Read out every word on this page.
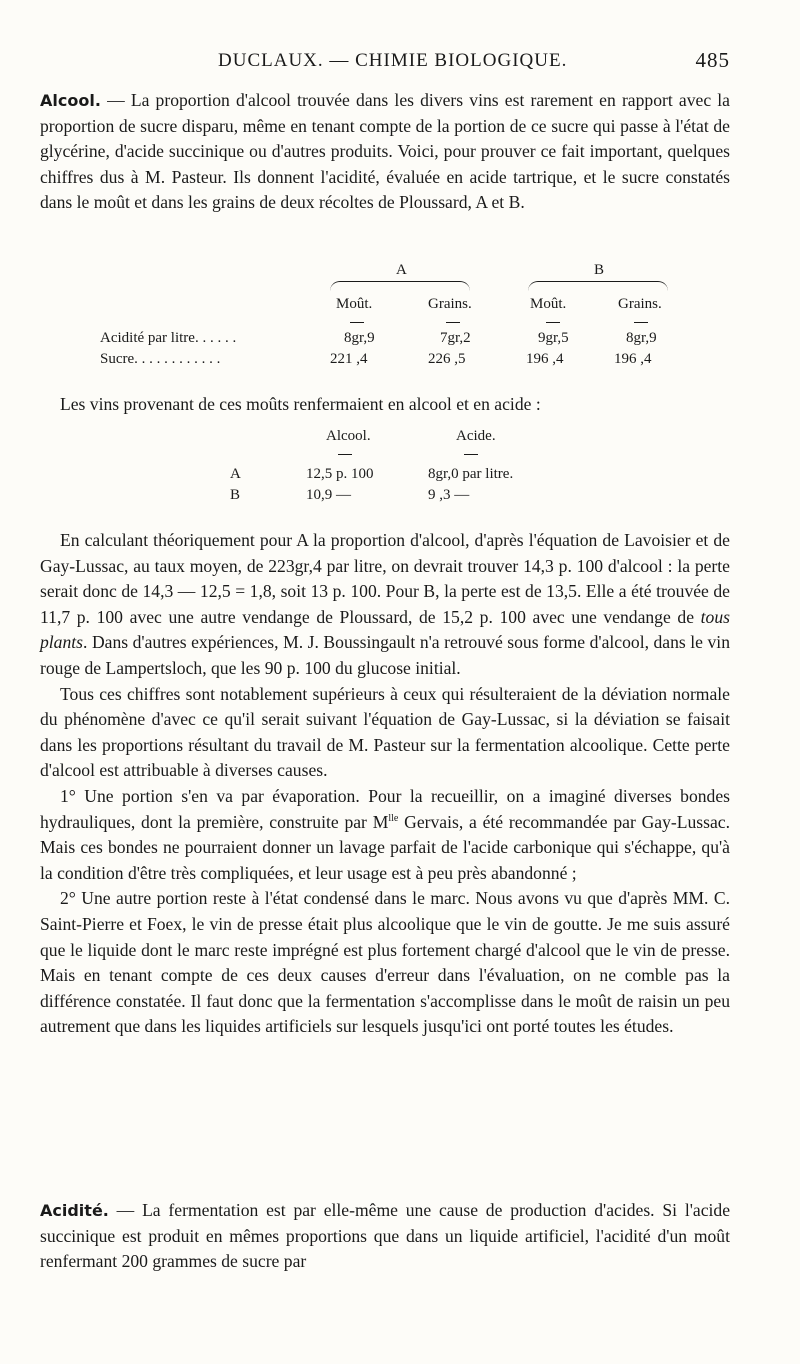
DUCLAUX. — CHIMIE BIOLOGIQUE.	485

Alcool. — La proportion d'alcool trouvée dans les divers vins est rarement en rapport avec la proportion de sucre disparu, même en tenant compte de la portion de ce sucre qui passe à l'état de glycérine, d'acide succinique ou d'autres produits. Voici, pour prouver ce fait important, quelques chiffres dus à M. Pasteur. Ils donnent l'acidité, évaluée en acide tartrique, et le sucre constatés dans le moût et dans les grains de deux récoltes de Ploussard, A et B.

A	B
Moût.	Grains.	Moût.	Grains.
Acidité par litre. . . . . .	8gr,9	7gr,2	9gr,5	8gr,9
Sucre. . . . . . . . . . . .	221 ,4	226 ,5	196 ,4	196 ,4

Les vins provenant de ces moûts renfermaient en alcool et en acide :

Alcool.	Acide.
A	12,5 p. 100	8gr,0 par litre.
B	10,9 —	9 ,3 —

En calculant théoriquement pour A la proportion d'alcool, d'après l'équation de Lavoisier et de Gay-Lussac, au taux moyen, de 223gr,4 par litre, on devrait trouver 14,3 p. 100 d'alcool : la perte serait donc de 14,3 — 12,5 = 1,8, soit 13 p. 100. Pour B, la perte est de 13,5. Elle a été trouvée de 11,7 p. 100 avec une autre vendange de Ploussard, de 15,2 p. 100 avec une vendange de tous plants. Dans d'autres expériences, M. J. Boussingault n'a retrouvé sous forme d'alcool, dans le vin rouge de Lampertsloch, que les 90 p. 100 du glucose initial.

Tous ces chiffres sont notablement supérieurs à ceux qui résulteraient de la déviation normale du phénomène d'avec ce qu'il serait suivant l'équation de Gay-Lussac, si la déviation se faisait dans les proportions résultant du travail de M. Pasteur sur la fermentation alcoolique. Cette perte d'alcool est attribuable à diverses causes.

1° Une portion s'en va par évaporation. Pour la recueillir, on a imaginé diverses bondes hydrauliques, dont la première, construite par $M^{lle}$ Gervais, a été recommandée par Gay-Lussac. Mais ces bondes ne pourraient donner un lavage parfait de l'acide carbonique qui s'échappe, qu'à la condition d'être très compliquées, et leur usage est à peu près abandonné ;

2° Une autre portion reste à l'état condensé dans le marc. Nous avons vu que d'après MM. C. Saint-Pierre et Foex, le vin de presse était plus alcoolique que le vin de goutte. Je me suis assuré que le liquide dont le marc reste imprégné est plus fortement chargé d'alcool que le vin de presse. Mais en tenant compte de ces deux causes d'erreur dans l'évaluation, on ne comble pas la différence constatée. Il faut donc que la fermentation s'accomplisse dans le moût de raisin un peu autrement que dans les liquides artificiels sur lesquels jusqu'ici ont porté toutes les études.

Acidité. — La fermentation est par elle-même une cause de production d'acides. Si l'acide succinique est produit en mêmes proportions que dans un liquide artificiel, l'acidité d'un moût renfermant 200 grammes de sucre par
